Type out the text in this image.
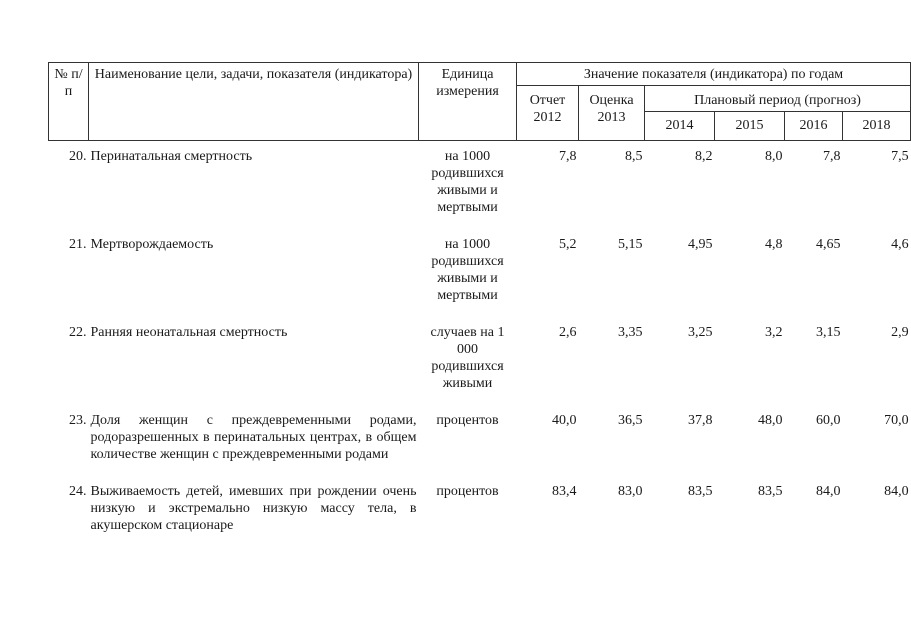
№ п/п	Наименование цели, задачи, показателя (индикатора)	Единица измерения	Значение показателя (индикатора) по годам					
			Отчет 2012	Оценка 2013	Плановый период (прогноз)			
					2014	2015	2016	2018

20.	Перинатальная смертность	на 1000 родившихся живыми и мертвыми	7,8	8,5	8,2	8,0	7,8	7,5
21.	Мертворождаемость	на 1000 родившихся живыми и мертвыми	5,2	5,15	4,95	4,8	4,65	4,6
22.	Ранняя неонатальная смертность	случаев на 1 000 родившихся живыми	2,6	3,35	3,25	3,2	3,15	2,9
23.	Доля женщин с преждевременными родами, родоразрешенных в перинатальных центрах, в общем количестве женщин с преждевременными родами	процентов	40,0	36,5	37,8	48,0	60,0	70,0
24.	Выживаемость детей, имевших при рождении очень низкую и экстремально низкую массу тела, в акушерском стационаре	процентов	83,4	83,0	83,5	83,5	84,0	84,0
